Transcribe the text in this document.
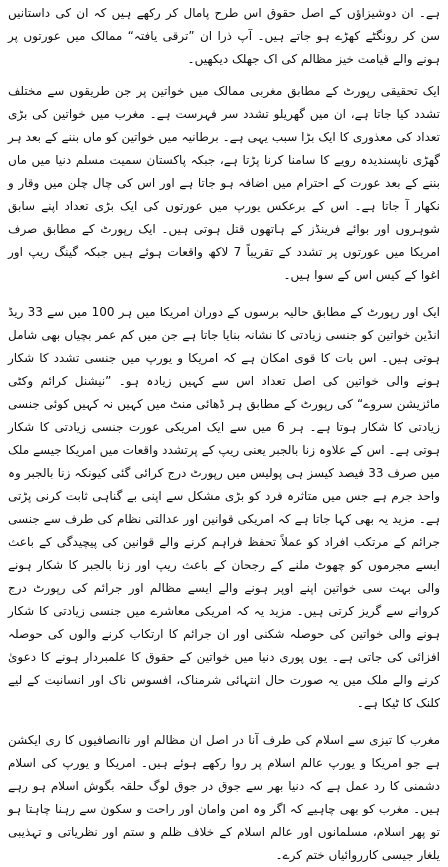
ہے۔ ان دوشیزاؤں کے اصل حقوق اس طرح پامال کر رکھے ہیں کہ ان کی داستانیں سن کر رونگٹے کھڑے ہو جاتے ہیں۔ آپ ذرا ان ”ترقی یافتہ“ ممالک میں عورتوں پر ہونے والے قیامت خیز مظالم کی اک جھلک دیکھیں۔

ایک تحقیقی رپورٹ کے مطابق مغربی ممالک میں خواتین پر جن طریقوں سے مختلف تشدد کیا جاتا ہے، ان میں گھریلو تشدد سر فہرست ہے۔ مغرب میں خواتین کی بڑی تعداد کی معذوری کا ایک بڑا سبب یہی ہے۔ برطانیہ میں خواتین کو ماں بننے کے بعد ہر گھڑی ناپسندیدہ رویے کا سامنا کرنا پڑتا ہے، جبکہ پاکستان سمیت مسلم دنیا میں ماں بننے کے بعد عورت کے احترام میں اضافہ ہو جاتا ہے اور اس کی چال چلن میں وقار و نکھار آ جاتا ہے۔ اس کے برعکس یورپ میں عورتوں کی ایک بڑی تعداد اپنے سابق شوہروں اور بوائے فرینڈز کے ہاتھوں قتل ہوتی ہیں۔ ایک رپورٹ کے مطابق صرف امریکا میں عورتوں پر تشدد کے تقریباً 7 لاکھ واقعات ہوئے ہیں جبکہ گینگ ریپ اور اغوا کے کیس اس کے سوا ہیں۔

ایک اور رپورٹ کے مطابق حالیہ برسوں کے دوران امریکا میں ہر 100 میں سے 33 ریڈ انڈین خواتین کو جنسی زیادتی کا نشانہ بنایا جاتا ہے جن میں کم عمر بچیاں بھی شامل ہوتی ہیں۔ اس بات کا قوی امکان ہے کہ امریکا و یورپ میں جنسی تشدد کا شکار ہونے والی خواتین کی اصل تعداد اس سے کہیں زیادہ ہو۔ ”نیشنل کرائم وکٹی مائزیشن سروے“ کی رپورٹ کے مطابق ہر ڈھائی منٹ میں کہیں نہ کہیں کوئی جنسی زیادتی کا شکار ہوتا ہے۔ ہر 6 میں سے ایک امریکی عورت جنسی زیادتی کا شکار ہوتی ہے۔ اس کے علاوہ زنا بالجبر یعنی ریپ کے پرتشدد واقعات میں امریکا جیسے ملک میں صرف 33 فیصد کیسز ہی پولیس میں رپورٹ درج کرائی گئی کیونکہ زنا بالجبر وہ واحد جرم ہے جس میں متاثرہ فرد کو بڑی مشکل سے اپنی بے گناہی ثابت کرنی پڑتی ہے۔ مزید یہ بھی کہا جاتا ہے کہ امریکی قوانین اور عدالتی نظام کی طرف سے جنسی جرائم کے مرتکب افراد کو عملاً تحفظ فراہم کرنے والے قوانین کی پیچیدگی کے باعث ایسے مجرموں کو چھوٹ ملنے کے رجحان کے باعث ریپ اور زنا بالجبر کا شکار ہونے والی بہت سی خواتین اپنے اوپر ہونے والے ایسے مظالم اور جرائم کی رپورٹ درج کروانے سے گریز کرتی ہیں۔ مزید یہ کہ امریکی معاشرے میں جنسی زیادتی کا شکار ہونے والی خواتین کی حوصلہ شکنی اور ان جرائم کا ارتکاب کرنے والوں کی حوصلہ افزائی کی جاتی ہے۔ یوں پوری دنیا میں خواتین کے حقوق کا علمبردار ہونے کا دعویٰ کرنے والے ملک میں یہ صورت حال انتہائی شرمناک، افسوس ناک اور انسانیت کے لیے کلنک کا ٹیکا ہے۔

مغرب کا تیزی سے اسلام کی طرف آنا در اصل ان مظالم اور ناانصافیوں کا ری ایکشن ہے جو امریکا و یورپ عالم اسلام پر روا رکھے ہوئے ہیں۔ امریکا و یورپ کی اسلام دشمنی کا رد عمل ہے کہ دنیا بھر سے جوق در جوق لوگ حلقہ بگوش اسلام ہو رہے ہیں۔ مغرب کو بھی چاہیے کہ اگر وہ امن وامان اور راحت و سکون سے رہنا چاہتا ہو تو پھر اسلام، مسلمانوں اور عالم اسلام کے خلاف ظلم و ستم اور نظریاتی و تہذیبی یلغار جیسی کارروائیاں ختم کرے۔
